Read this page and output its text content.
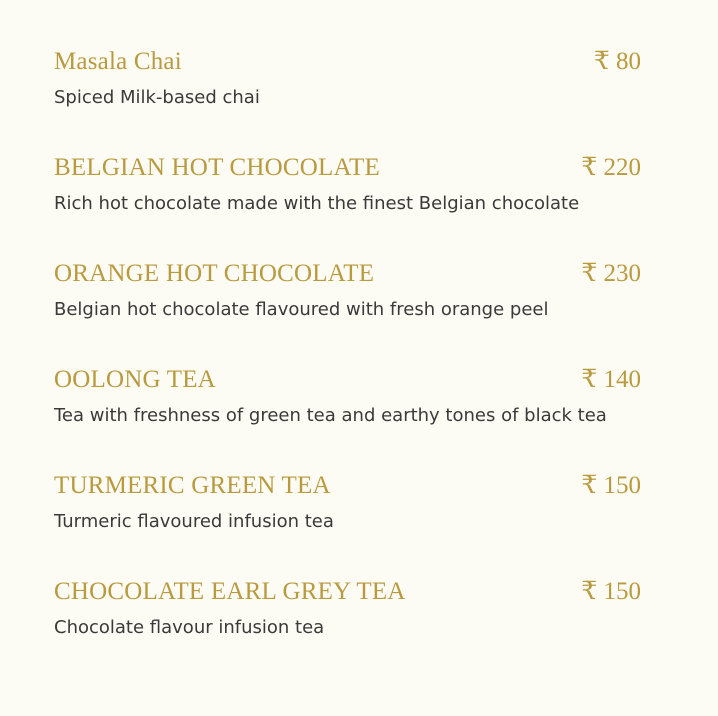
Masala Chai	₹ 80
Spiced Milk-based chai
BELGIAN HOT CHOCOLATE	₹ 220
Rich hot chocolate made with the finest Belgian chocolate
ORANGE HOT CHOCOLATE	₹ 230
Belgian hot chocolate flavoured with fresh orange peel
OOLONG TEA	₹ 140
Tea with freshness of green tea and earthy tones of black tea
TURMERIC GREEN TEA	₹ 150
Turmeric flavoured infusion tea
CHOCOLATE EARL GREY TEA	₹ 150
Chocolate flavour infusion tea
